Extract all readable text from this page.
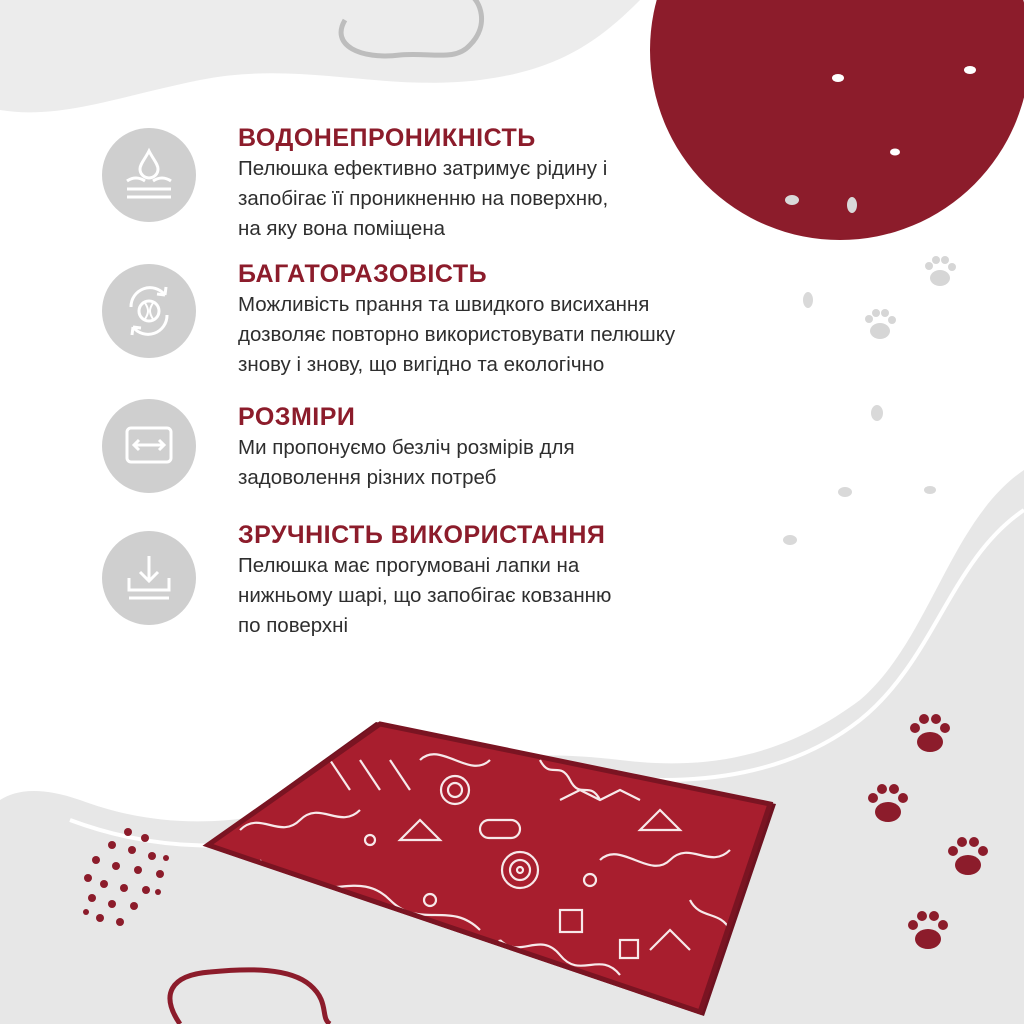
ВОДОНЕПРОНИКНІСТЬ
Пелюшка ефективно затримує рідину і
запобігає її проникненню на поверхню,
на яку вона поміщена
БАГАТОРАЗОВІСТЬ
Можливість прання та швидкого висихання
дозволяє повторно використовувати пелюшку
знову і знову, що вигідно та екологічно
РОЗМІРИ
Ми пропонуємо безліч розмірів для
задоволення різних потреб
ЗРУЧНІСТЬ ВИКОРИСТАННЯ
Пелюшка має прогумовані лапки на
нижньому шарі, що запобігає ковзанню
по поверхні
